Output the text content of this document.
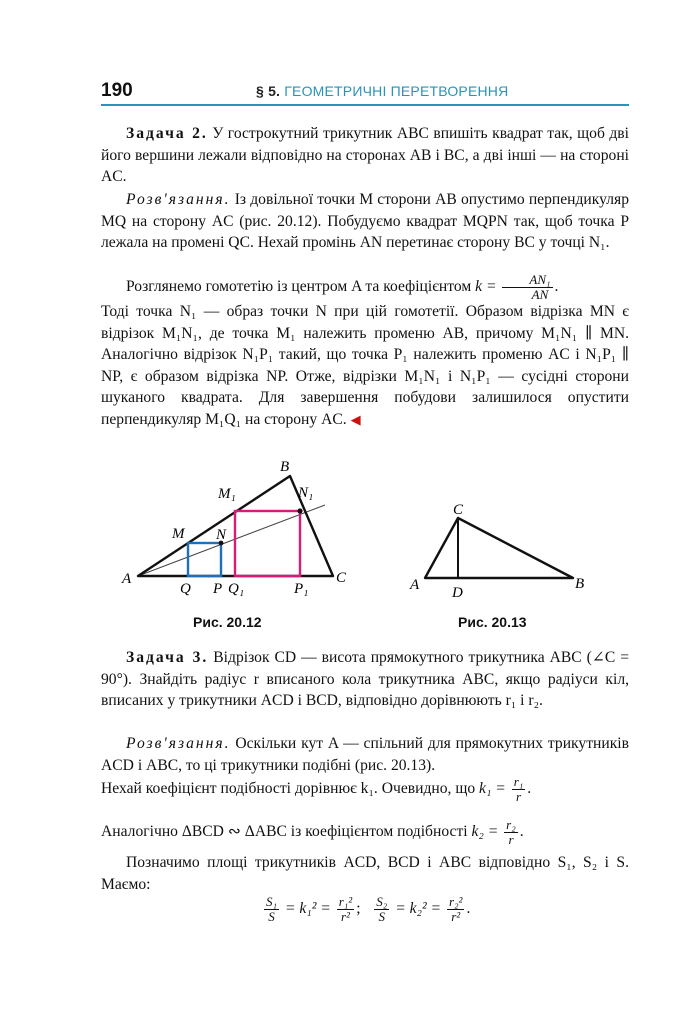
190	§ 5. ГЕОМЕТРИЧНІ ПЕРЕТВОРЕННЯ
Задача 2. У гострокутний трикутник ABC впишіть квадрат так, щоб дві його вершини лежали відповідно на сторонах AB і BC, а дві інші — на стороні AC.
Розв'язання. Із довільної точки M сторони AB опустимо перпендикуляр MQ на сторону AC (рис. 20.12). Побудуємо квадрат MQPN так, щоб точка P лежала на промені QC. Нехай промінь AN перетинає сторону BC у точці N₁.
Розглянемо гомотетію із центром A та коефіцієнтом $k = \frac{\text{AN₁}}{AN}$ .
Тоді точка N₁ — образ точки N при цій гомотетії. Образом відрізка MN є відрізок M₁N₁, де точка M₁ належить променю AB, причому M₁N₁ ∥ MN. Аналогічно відрізок N₁P₁ такий, що точка P₁ належить променю AC і N₁P₁ ∥ NP, є образом відрізка NP. Отже, відрізки M₁N₁ і N₁P₁ — сусідні сторони шуканого квадрата. Для завершення побудови залишилося опустити перпендикуляр M₁Q₁ на сторону AC. ◀
A
B
C
M N
M₁	N₁
Q P Q₁	P₁
Рис. 20.12
A
C
B
D
Рис. 20.13
Задача 3. Відрізок CD — висота прямокутного трикутника ABC (∠C = 90°). Знайдіть радіус r вписаного кола трикутника ABC, якщо радіуси кіл, вписаних у трикутники ACD і BCD, відповідно дорівнюють r₁ і r₂.
Розв'язання. Оскільки кут A — спільний для прямокутних трикутників ACD і ABC, то ці трикутники подібні (рис. 20.13).
Нехай коефіцієнт подібності дорівнює k₁. Очевидно, що $k_1 = \frac{\text{r₁}}{r}$ .
Аналогічно ΔBCD ∾ ΔABC із коефіцієнтом подібності $k_2 = \frac{\text{r₂}}{r}$ .
Позначимо площі трикутників ACD, BCD і ABC відповідно S₁, S₂ і S. Маємо:
$\frac{\text{S₁}}{S} = k_1^2 = \frac{\text{r₁²}}{\text{r²}}$ ; $\frac{\text{S₂}}{S} = k_2^2 = \frac{\text{r₂²}}{\text{r²}}$ .
